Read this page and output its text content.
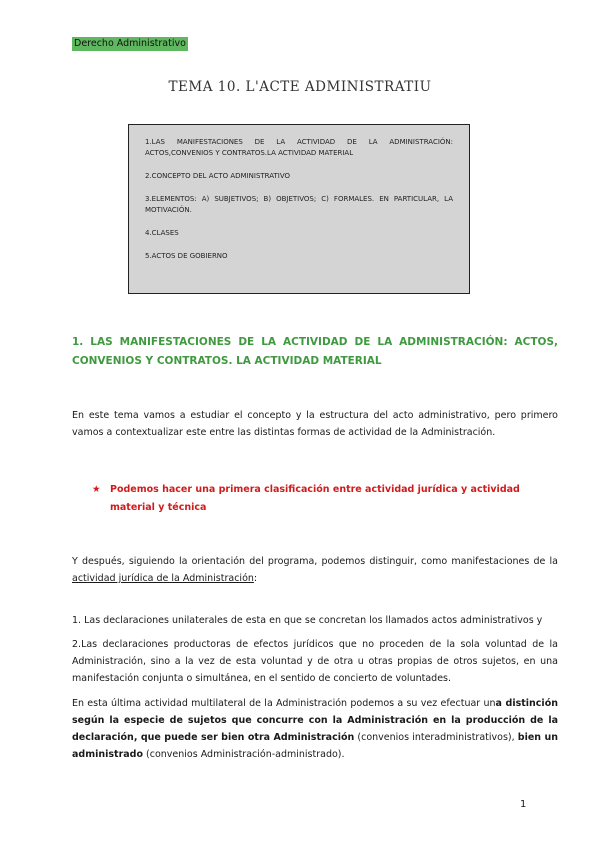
Derecho Administrativo
TEMA 10. L'ACTE ADMINISTRATIU

1.LAS MANIFESTACIONES DE LA ACTIVIDAD DE LA ADMINISTRACIÓN: ACTOS,CONVENIOS Y CONTRATOS.LA ACTIVIDAD MATERIAL

2.CONCEPTO DEL ACTO ADMINISTRATIVO

3.ELEMENTOS: A) SUBJETIVOS; B) OBJETIVOS; C) FORMALES. EN PARTICULAR, LA MOTIVACIÓN.

4.CLASES

5.ACTOS DE GOBIERNO

1. LAS MANIFESTACIONES DE LA ACTIVIDAD DE LA ADMINISTRACIÓN: ACTOS, CONVENIOS Y CONTRATOS. LA ACTIVIDAD MATERIAL

En este tema vamos a estudiar el concepto y la estructura del acto administrativo, pero primero vamos a contextualizar este entre las distintas formas de actividad de la Administración.

★ Podemos hacer una primera clasificación entre actividad jurídica y actividad material y técnica

Y después, siguiendo la orientación del programa, podemos distinguir, como manifestaciones de la actividad jurídica de la Administración:

1. Las declaraciones unilaterales de esta en que se concretan los llamados actos administrativos y

2.Las declaraciones productoras de efectos jurídicos que no proceden de la sola voluntad de la Administración, sino a la vez de esta voluntad y de otra u otras propias de otros sujetos, en una manifestación conjunta o simultánea, en el sentido de concierto de voluntades.

En esta última actividad multilateral de la Administración podemos a su vez efectuar una distinción según la especie de sujetos que concurre con la Administración en la producción de la declaración, que puede ser bien otra Administración (convenios interadministrativos), bien un administrado (convenios Administración-administrado).

1
